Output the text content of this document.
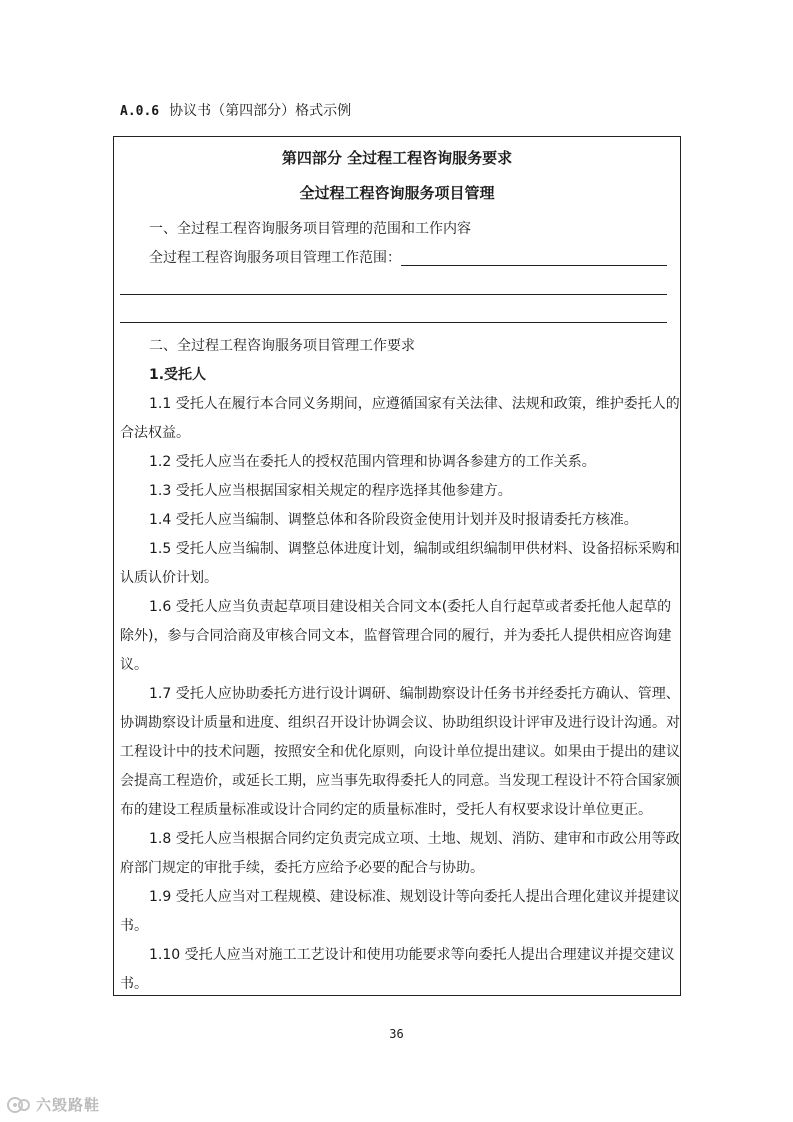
A.0.6 协议书（第四部分）格式示例
第四部分 全过程工程咨询服务要求
全过程工程咨询服务项目管理
一、全过程工程咨询服务项目管理的范围和工作内容
全过程工程咨询服务项目管理工作范围：
二、全过程工程咨询服务项目管理工作要求
1.受托人
1.1 受托人在履行本合同义务期间，应遵循国家有关法律、法规和政策，维护委托人的
合法权益。
1.2 受托人应当在委托人的授权范围内管理和协调各参建方的工作关系。
1.3 受托人应当根据国家相关规定的程序选择其他参建方。
1.4 受托人应当编制、调整总体和各阶段资金使用计划并及时报请委托方核准。
1.5 受托人应当编制、调整总体进度计划，编制或组织编制甲供材料、设备招标采购和
认质认价计划。
1.6 受托人应当负责起草项目建设相关合同文本(委托人自行起草或者委托他人起草的
除外)，参与合同洽商及审核合同文本，监督管理合同的履行，并为委托人提供相应咨询建
议。
1.7 受托人应协助委托方进行设计调研、编制勘察设计任务书并经委托方确认、管理、
协调勘察设计质量和进度、组织召开设计协调会议、协助组织设计评审及进行设计沟通。对
工程设计中的技术问题，按照安全和优化原则，向设计单位提出建议。如果由于提出的建议
会提高工程造价，或延长工期，应当事先取得委托人的同意。当发现工程设计不符合国家颁
布的建设工程质量标准或设计合同约定的质量标准时，受托人有权要求设计单位更正。
1.8 受托人应当根据合同约定负责完成立项、土地、规划、消防、建审和市政公用等政
府部门规定的审批手续，委托方应给予必要的配合与协助。
1.9 受托人应当对工程规模、建设标准、规划设计等向委托人提出合理化建议并提建议
书。
1.10 受托人应当对施工工艺设计和使用功能要求等向委托人提出合理建议并提交建议
书。
36
六毁路鞋
